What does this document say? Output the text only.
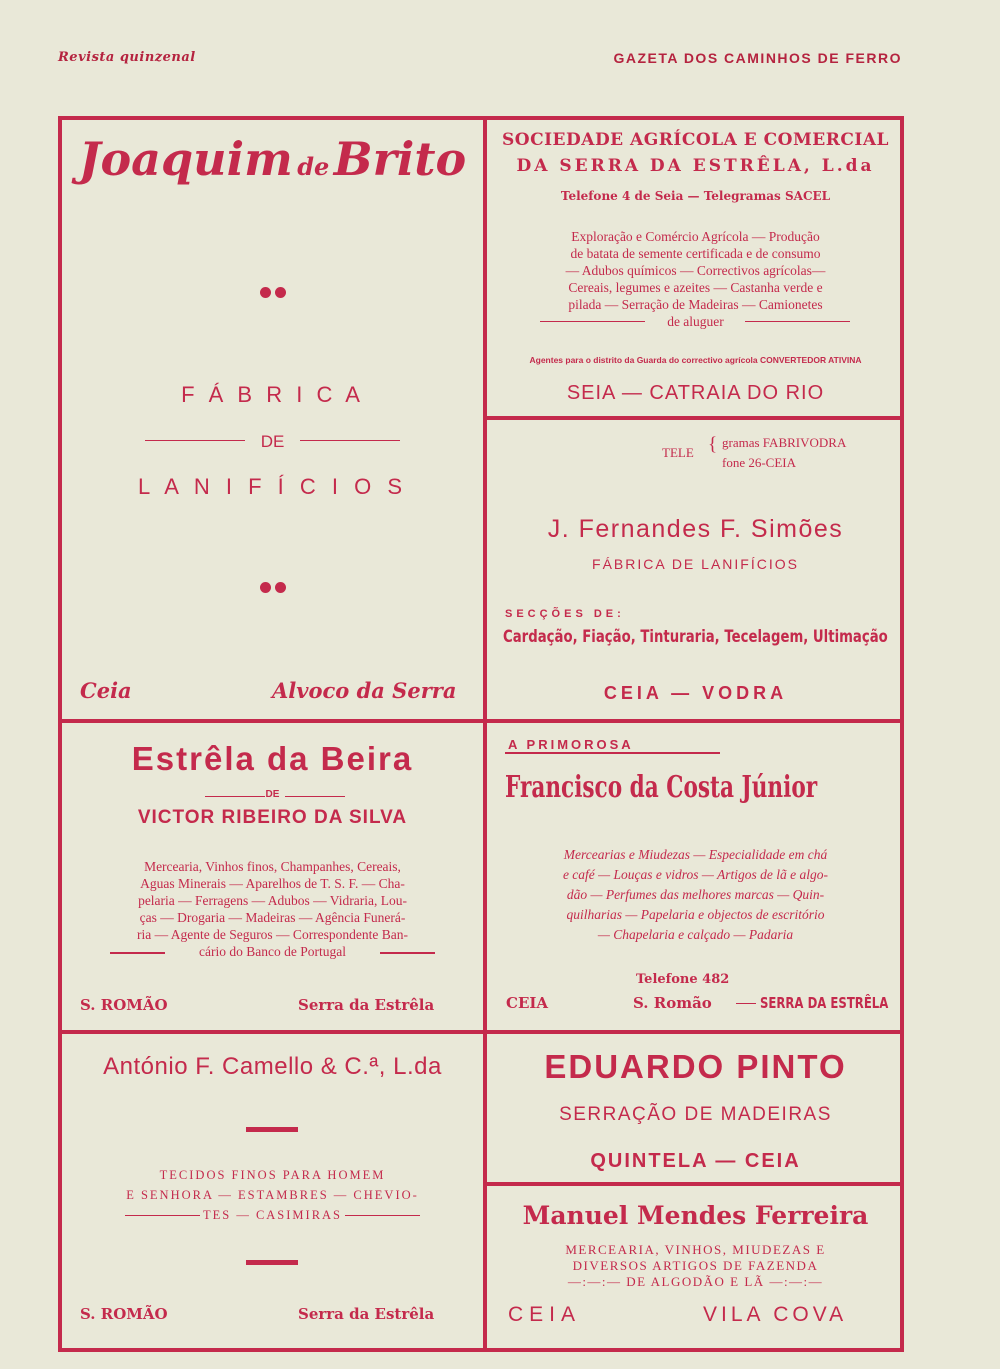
Revista quinzenal	GAZETA DOS CAMINHOS DE FERRO
Joaquim de Brito
F Á B R I C A
DE
L A N I F Í C I O S
Ceia	Alvoco da Serra
SOCIEDADE AGRÍCOLA E COMERCIAL
DA SERRA DA ESTRÊLA, L.da
Telefone 4 de Seia — Telegramas SACEL
Exploração e Comércio Agrícola — Produção
de batata de semente certificada e de consumo
— Adubos químicos — Correctivos agrícolas—
Cereais, legumes e azeites — Castanha verde e
pilada — Serração de Madeiras — Camionetes
de aluguer
Agentes para o distrito da Guarda do correctivo agrícola CONVERTEDOR ATIVINA
SEIA — CATRAIA DO RIO
TELE { gramas FABRIVODRA
fone 26-CEIA
J. Fernandes F. Simões
FÁBRICA DE LANIFÍCIOS
SECÇÕES DE:
Cardação, Fiação, Tinturaria, Tecelagem, Ultimação
CEIA — VODRA
Estrêla da Beira
DE
VICTOR RIBEIRO DA SILVA
Mercearia, Vinhos finos, Champanhes, Cereais,
Aguas Minerais — Aparelhos de T. S. F. — Cha-
pelaria — Ferragens — Adubos — Vidraria, Lou-
ças — Drogaria — Madeiras — Agência Funerá-
ria — Agente de Seguros — Correspondente Ban-
cário do Banco de Portugal
S. ROMÃO	Serra da Estrêla
A PRIMOROSA
Francisco da Costa Júnior
Mercearias e Miudezas — Especialidade em chá
e café — Louças e vidros — Artigos de lã e algo-
dão — Perfumes das melhores marcas — Quin-
quilharias — Papelaria e objectos de escritório
— Chapelaria e calçado — Padaria
Telefone 482
CEIA	S. Romão	SERRA DA ESTRÊLA
António F. Camello & C.ª, L.da
TECIDOS FINOS PARA HOMEM
E SENHORA — ESTAMBRES — CHEVIO-
TES — CASIMIRAS
S. ROMÃO	Serra da Estrêla
EDUARDO PINTO
SERRAÇÃO DE MADEIRAS
QUINTELA — CEIA
Manuel Mendes Ferreira
MERCEARIA, VINHOS, MIUDEZAS E
DIVERSOS ARTIGOS DE FAZENDA
—:—:— DE ALGODÃO E LÃ —:—:—
CEIA	VILA COVA
